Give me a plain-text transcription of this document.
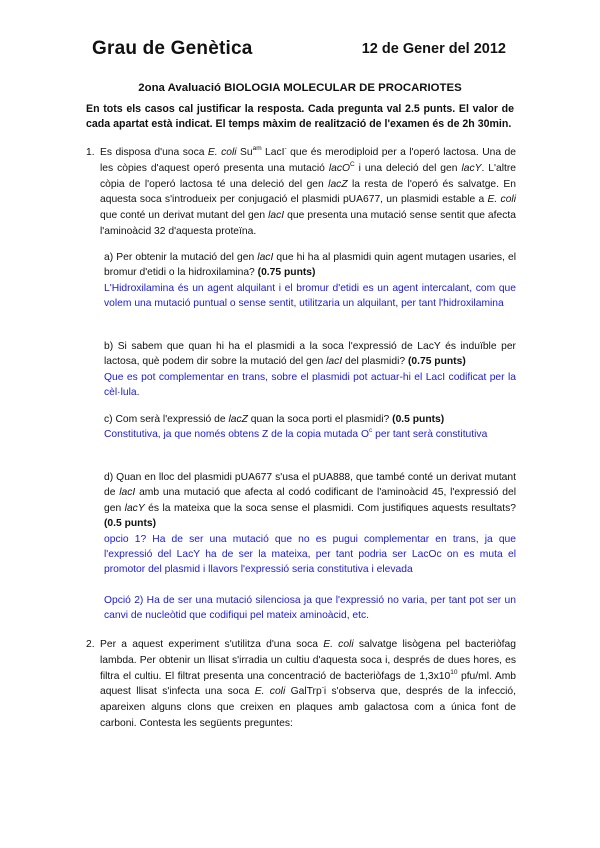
Grau de Genètica	12 de Gener del 2012
2ona Avaluació BIOLOGIA MOLECULAR DE PROCARIOTES
En tots els casos cal justificar la resposta. Cada pregunta val 2.5 punts. El valor de cada apartat està indicat. El temps màxim de realització de l'examen és de 2h 30min.
1. Es disposa d'una soca E. coli $Su^{am}$ LacI- que és merodiploid per a l'operó lactosa. Una de les còpies d'aquest operó presenta una mutació lacO$^C$ i una deleció del gen lacY. L'altre còpia de l'operó lactosa té una deleció del gen lacZ la resta de l'operó és salvatge. En aquesta soca s'introdueix per conjugació el plasmidi pUA677, un plasmidi estable a E. coli que conté un derivat mutant del gen lacI que presenta una mutació sense sentit que afecta l'aminoàcid 32 d'aquesta proteïna.
a) Per obtenir la mutació del gen lacI que hi ha al plasmidi quin agent mutagen usaries, el bromur d'etidi o la hidroxilamina? (0.75 punts)
L'Hidroxilamina és un agent alquilant i el bromur d'etidi es un agent intercalant, com que volem una mutació puntual o sense sentit, utilitzaria un alquilant, per tant l'hidroxilamina
b) Si sabem que quan hi ha el plasmidi a la soca l'expressió de LacY és induïble per lactosa, què podem dir sobre la mutació del gen lacI del plasmidi? (0.75 punts)
Que es pot complementar en trans, sobre el plasmidi pot actuar-hi el LacI codificat per la cèl·lula.
c) Com serà l'expressió de lacZ quan la soca porti el plasmidi? (0.5 punts)
Constitutiva, ja que només obtens Z de la copia mutada $O^c$ per tant serà constitutiva
d) Quan en lloc del plasmidi pUA677 s'usa el pUA888, que també conté un derivat mutant de lacI amb una mutació que afecta al codó codificant de l'aminoàcid 45, l'expressió del gen lacY és la mateixa que la soca sense el plasmidi. Com justifiques aquests resultats? (0.5 punts)

opcio 1? Ha de ser una mutació que no es pugui complementar en trans, ja que l'expressió del LacY ha de ser la mateixa, per tant podria ser LacOc on es muta el promotor del plasmid i llavors l'expressió seria constitutiva i elevada

Opció 2) Ha de ser una mutació silenciosa ja que l'expressió no varia, per tant pot ser un canvi de nucleòtid que codifiqui pel mateix aminoàcid, etc.

2. Per a aquest experiment s'utilitza d'una soca E. coli salvatge lisògena pel bacteriòfag lambda. Per obtenir un llisat s'irradia un cultiu d'aquesta soca i, després de dues hores, es filtra el cultiu. El filtrat presenta una concentració de bacteriòfags de $1,3x10^{10}$ pfu/ml. Amb aquest llisat s'infecta una soca E. coli GalTrp-i s'observa que, després de la infecció, apareixen alguns clons que creixen en plaques amb galactosa com a única font de carboni. Contesta les següents preguntes:
